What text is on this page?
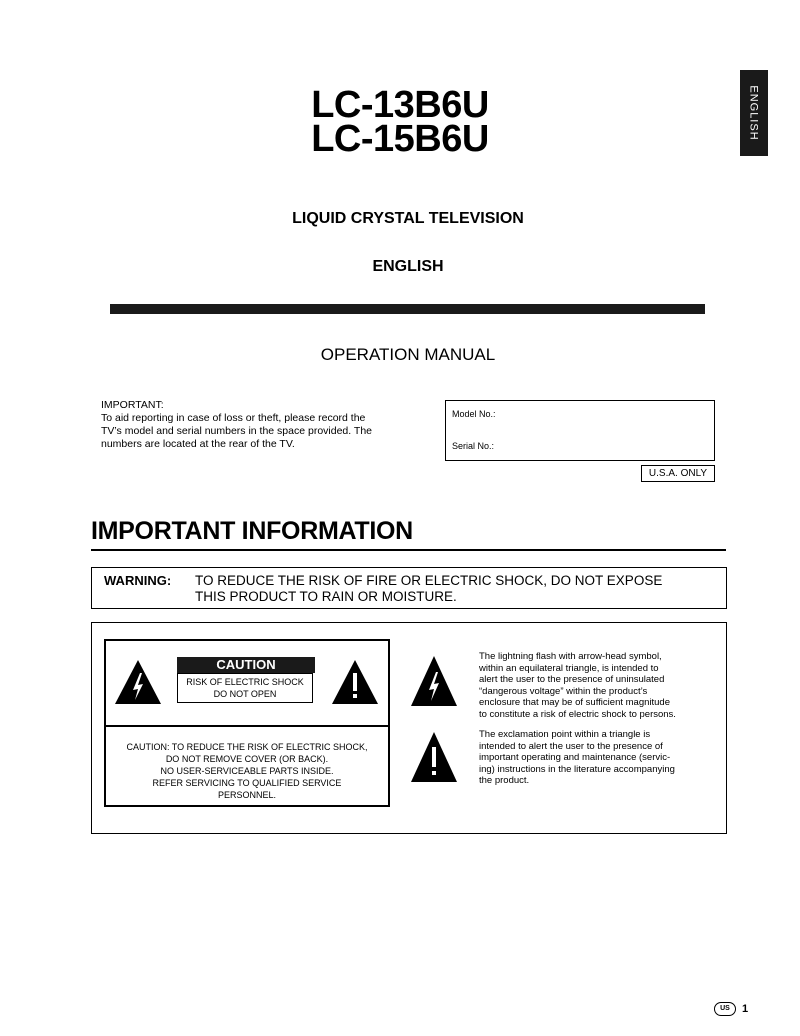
ENGLISH
LC-13B6U
LC-15B6U
LIQUID CRYSTAL TELEVISION
ENGLISH
OPERATION MANUAL
IMPORTANT:
To aid reporting in case of loss or theft, please record the
TV’s model and serial numbers in the space provided. The
numbers are located at the rear of the TV.
Model No.:
Serial No.:
U.S.A. ONLY
IMPORTANT INFORMATION
WARNING: TO REDUCE THE RISK OF FIRE OR ELECTRIC SHOCK, DO NOT EXPOSE
THIS PRODUCT TO RAIN OR MOISTURE.
CAUTION
RISK OF ELECTRIC SHOCK
DO NOT OPEN
CAUTION: TO REDUCE THE RISK OF ELECTRIC SHOCK,
DO NOT REMOVE COVER (OR BACK).
NO USER-SERVICEABLE PARTS INSIDE.
REFER SERVICING TO QUALIFIED SERVICE
PERSONNEL.
The lightning flash with arrow-head symbol,
within an equilateral triangle, is intended to
alert the user to the presence of uninsulated
“dangerous voltage” within the product’s
enclosure that may be of sufficient magnitude
to constitute a risk of electric shock to persons.
The exclamation point within a triangle is
intended to alert the user to the presence of
important operating and maintenance (servic-
ing) instructions in the literature accompanying
the product.
US	1
